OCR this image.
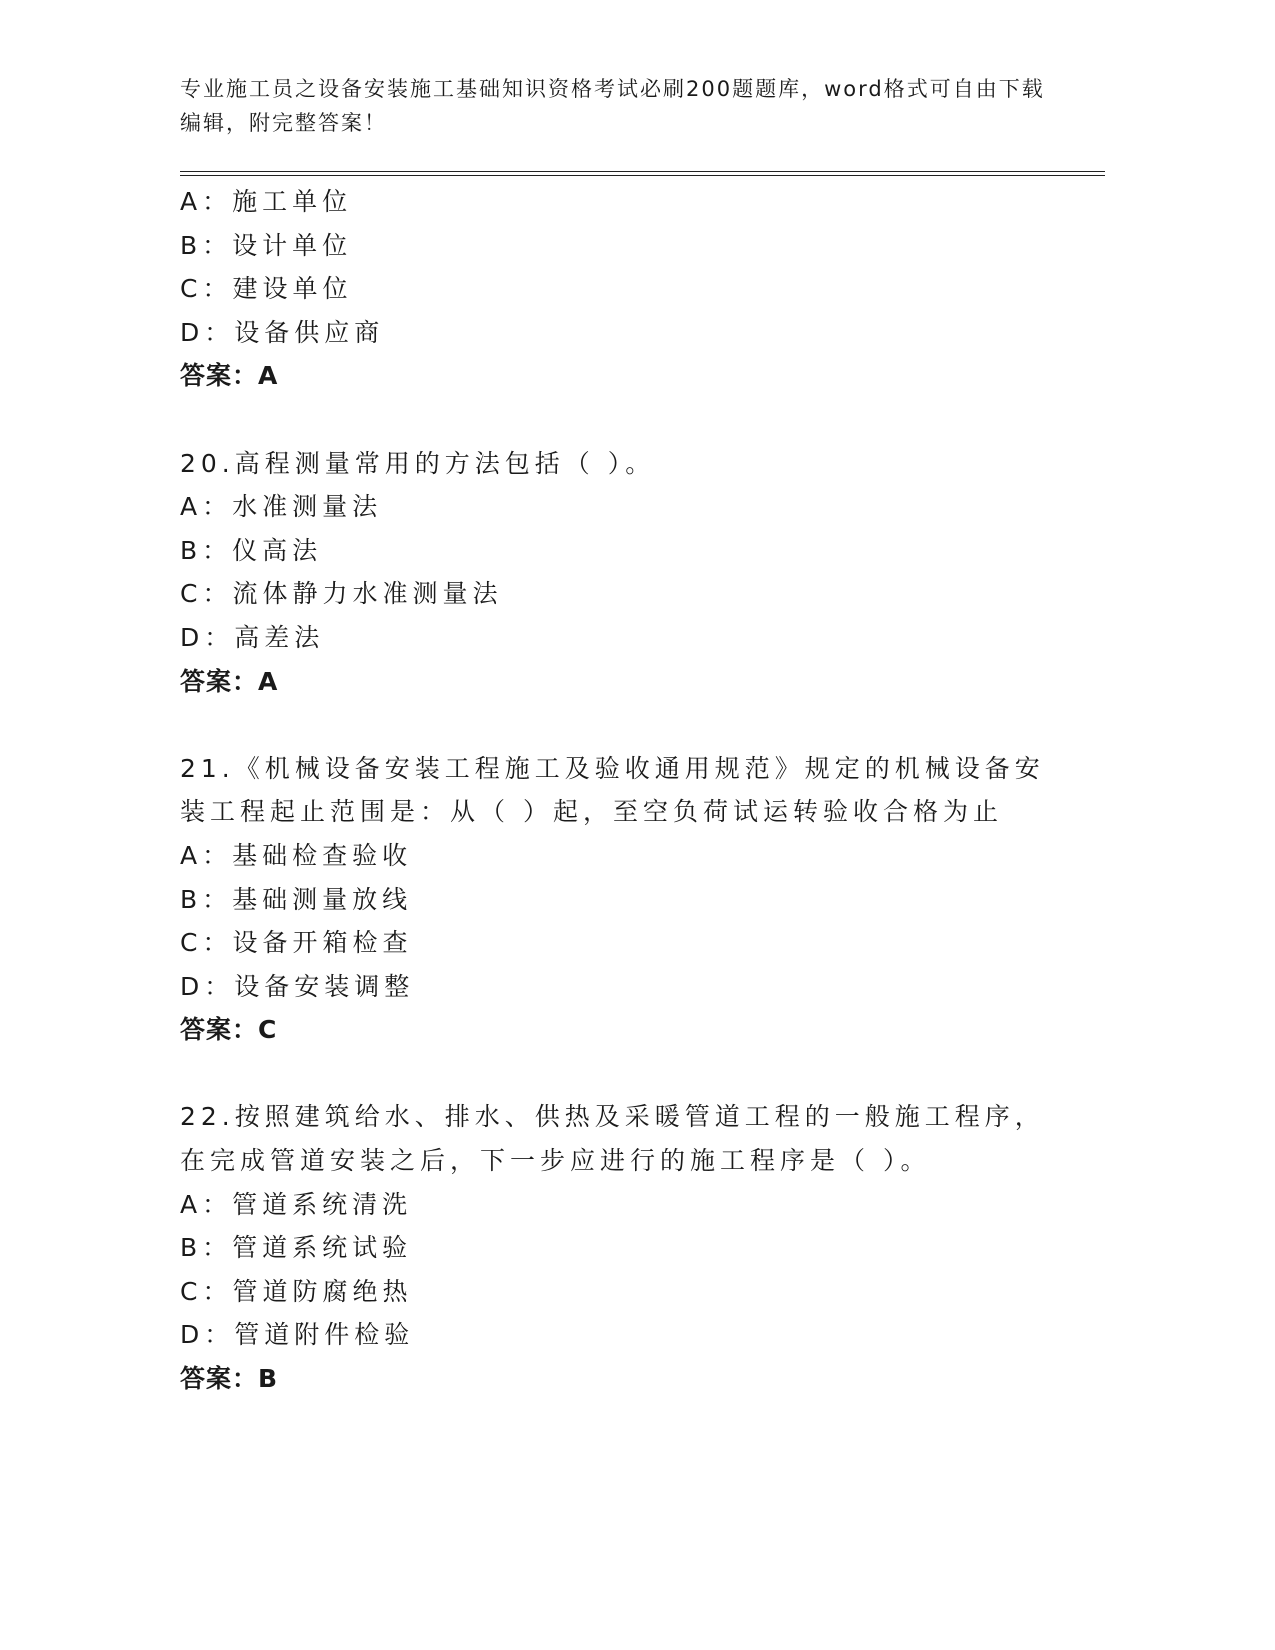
专业施工员之设备安装施工基础知识资格考试必刷200题题库，word格式可自由下载编辑，附完整答案！
A：施工单位
B：设计单位
C：建设单位
D：设备供应商
答案：A
20.高程测量常用的方法包括（ ）。
A：水准测量法
B：仪高法
C：流体静力水准测量法
D：高差法
答案：A
21.《机械设备安装工程施工及验收通用规范》规定的机械设备安装工程起止范围是：从（ ）起，至空负荷试运转验收合格为止
A：基础检查验收
B：基础测量放线
C：设备开箱检查
D：设备安装调整
答案：C
22.按照建筑给水、排水、供热及采暖管道工程的一般施工程序，在完成管道安装之后，下一步应进行的施工程序是（ ）。
A：管道系统清洗
B：管道系统试验
C：管道防腐绝热
D：管道附件检验
答案：B
